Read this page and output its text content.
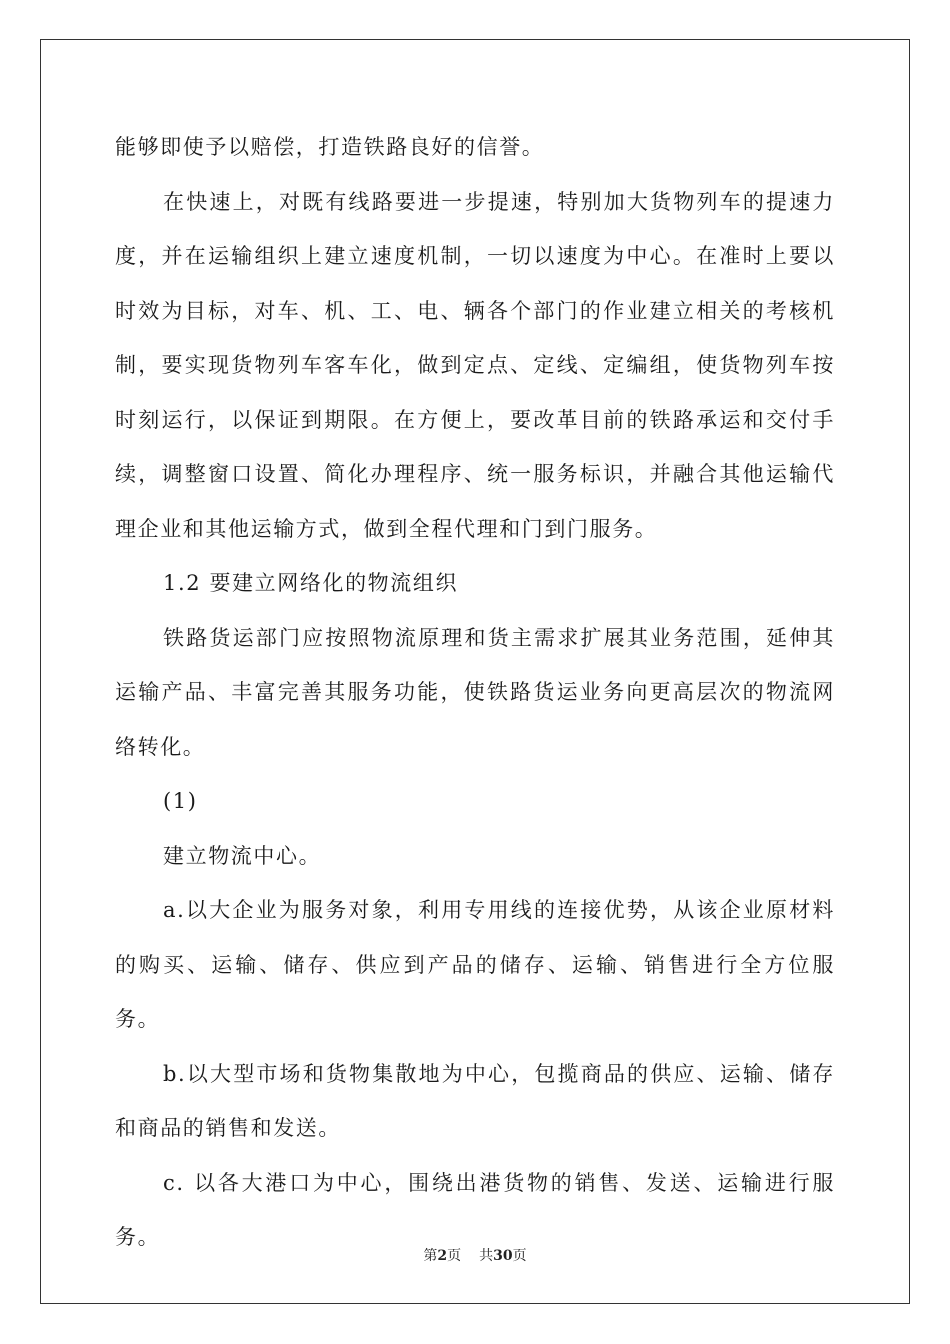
能够即使予以赔偿，打造铁路良好的信誉。

在快速上，对既有线路要进一步提速，特别加大货物列车的提速力度，并在运输组织上建立速度机制，一切以速度为中心。在准时上要以时效为目标，对车、机、工、电、辆各个部门的作业建立相关的考核机制，要实现货物列车客车化，做到定点、定线、定编组，使货物列车按时刻运行，以保证到期限。在方便上，要改革目前的铁路承运和交付手续，调整窗口设置、简化办理程序、统一服务标识，并融合其他运输代理企业和其他运输方式，做到全程代理和门到门服务。

1.2 要建立网络化的物流组织

铁路货运部门应按照物流原理和货主需求扩展其业务范围，延伸其运输产品、丰富完善其服务功能，使铁路货运业务向更高层次的物流网络转化。

(1)

建立物流中心。

a.以大企业为服务对象，利用专用线的连接优势，从该企业原材料的购买、运输、储存、供应到产品的储存、运输、销售进行全方位服务。

b.以大型市场和货物集散地为中心，包揽商品的供应、运输、储存和商品的销售和发送。

c. 以各大港口为中心，围绕出港货物的销售、发送、运输进行服务。

第2页 共30页
